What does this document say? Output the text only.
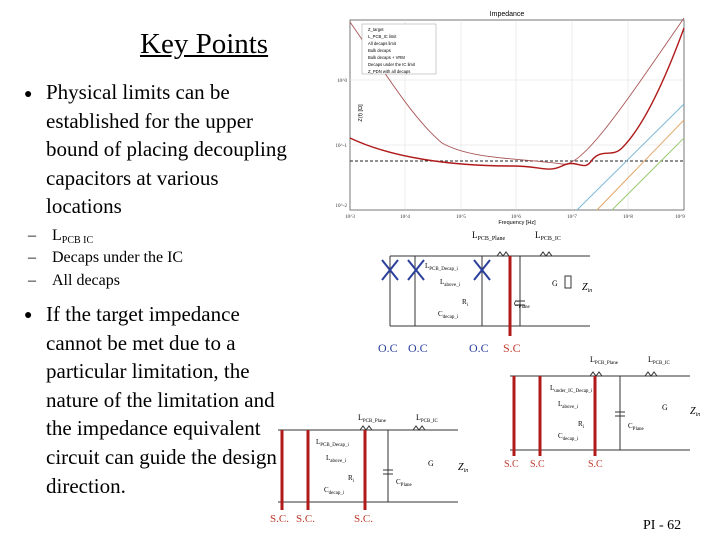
Key Points
● Physical limits can be established for the upper bound of placing decoupling capacitors at various locations
– $L_{PCB IC}$
– Decaps under the IC
– All decaps
● If the target impedance cannot be met due to a particular limitation, the nature of the limitation and the impedance equivalent circuit can guide the design direction.
Impedance
Z_target
L_PCB_IC limit
All decaps limit
Bulk decaps
Bulk decaps + VRM
Decaps under the IC limit
Z_PDN with all decaps
10^3	10^4	10^5	10^6	10^7	10^8	10^9
10^0
10^-1
10^-2
Frequency [Hz]
Z(f) [Ω]
$L_{PCB\_Plane}$	$L_{PCB\_IC}$
$L_{PCB\_Decap\_i}$
$L_{above\_i}$
$R_i$
$C_{decap\_i}$
$C_{Plane}$
G $Z_{in}$
O.C O.C	O.C S.C
$L_{PCB\_Plane}$	$L_{PCB\_IC}$
$L_{under\_IC\_Decap\_i}$
$L_{above\_i}$
$R_i$
$C_{decap\_i}$
$C_{Plane}$
G $Z_{in}$
S.C S.C	S.C
$L_{PCB\_Plane}$	$L_{PCB\_IC}$
$L_{PCB\_Decap\_i}$
$L_{above\_i}$
$R_i$
$C_{decap\_i}$
$C_{Plane}$
G $Z_{in}$
S.C. S.C.	S.C.	PI - 62
